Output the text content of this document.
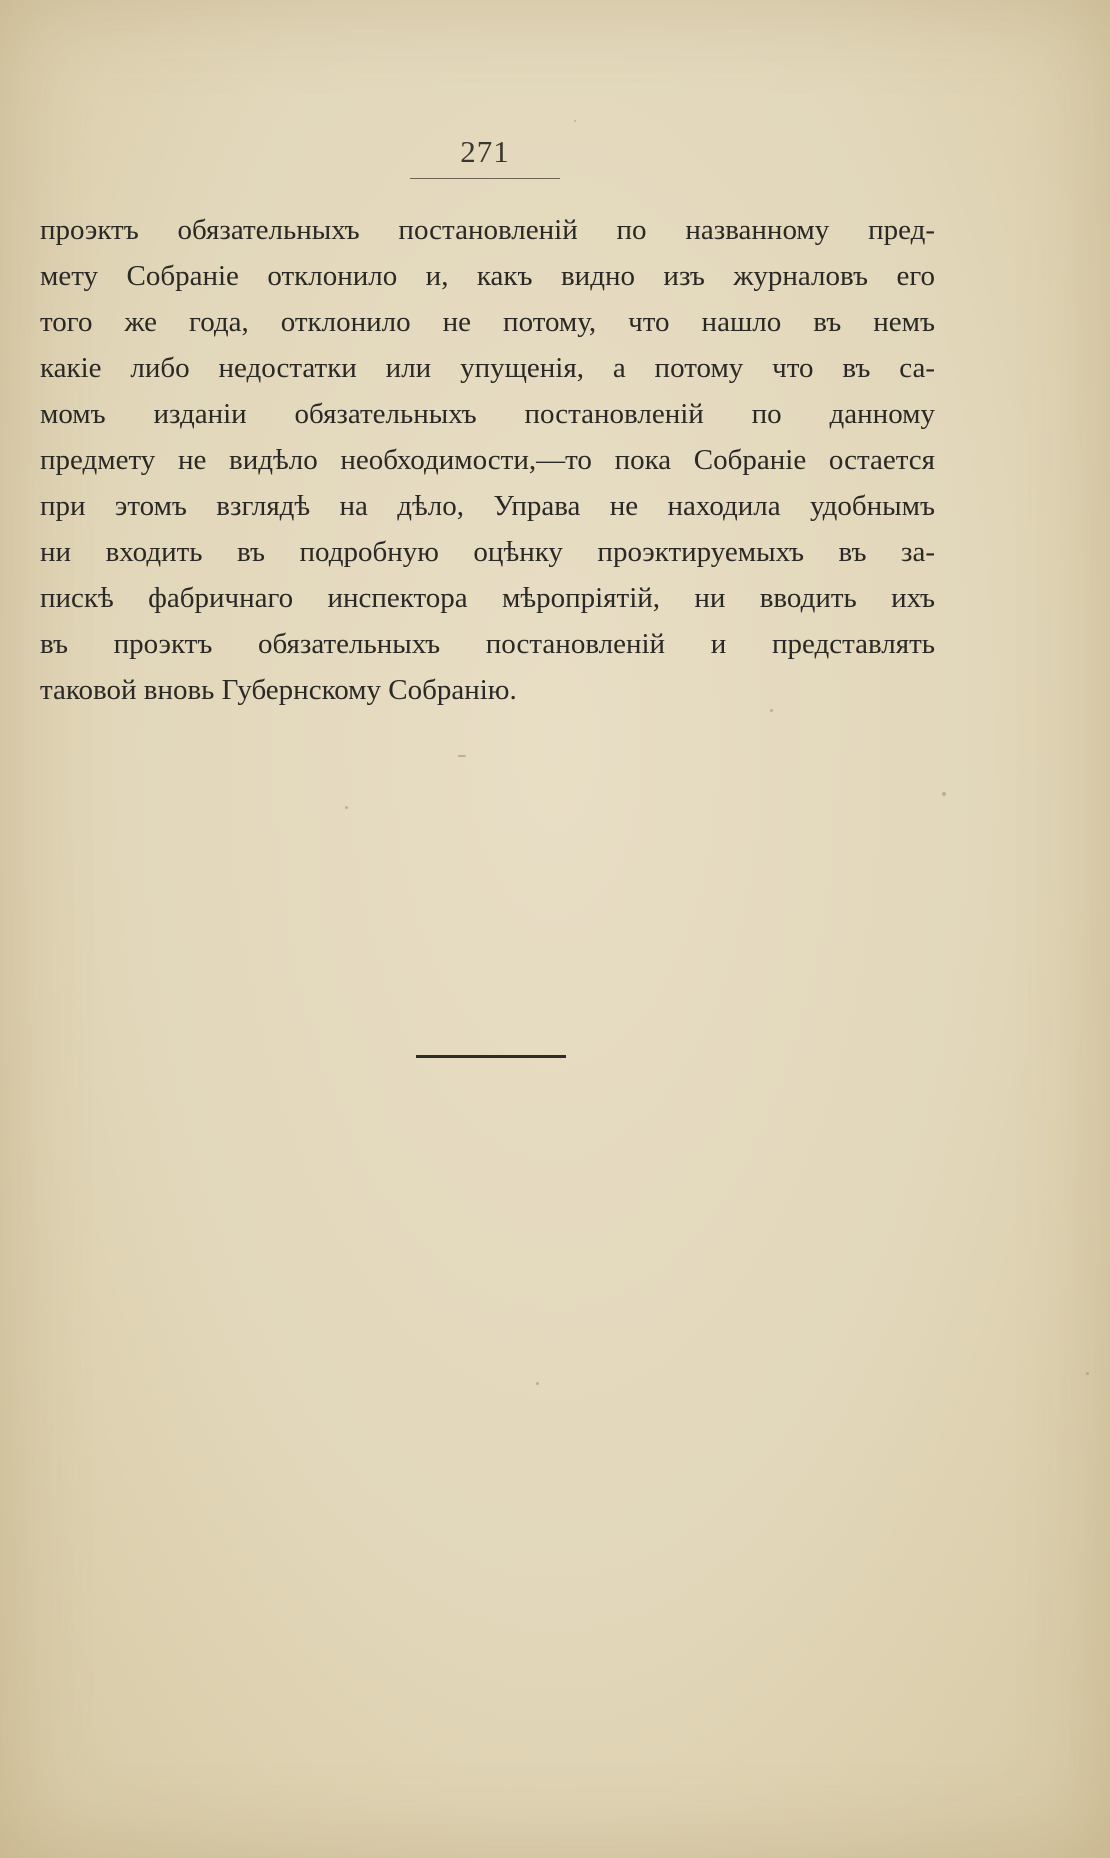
271
проэктъ обязательныхъ постановленій по названному пред-
мету Собраніе отклонило и, какъ видно изъ журналовъ его
того же года, отклонило не потому, что нашло въ немъ
какіе либо недостатки или упущенія, а потому что въ са-
момъ изданіи обязательныхъ постановленій по данному
предмету не видѣло необходимости,—то пока Собраніе остается
при этомъ взглядѣ на дѣло, Управа не находила удобнымъ
ни входить въ подробную оцѣнку проэктируемыхъ въ за-
пискѣ фабричнаго инспектора мѣропріятій, ни вводить ихъ
въ проэктъ обязательныхъ постановленій и представлять
таковой вновь Губернскому Собранію.
